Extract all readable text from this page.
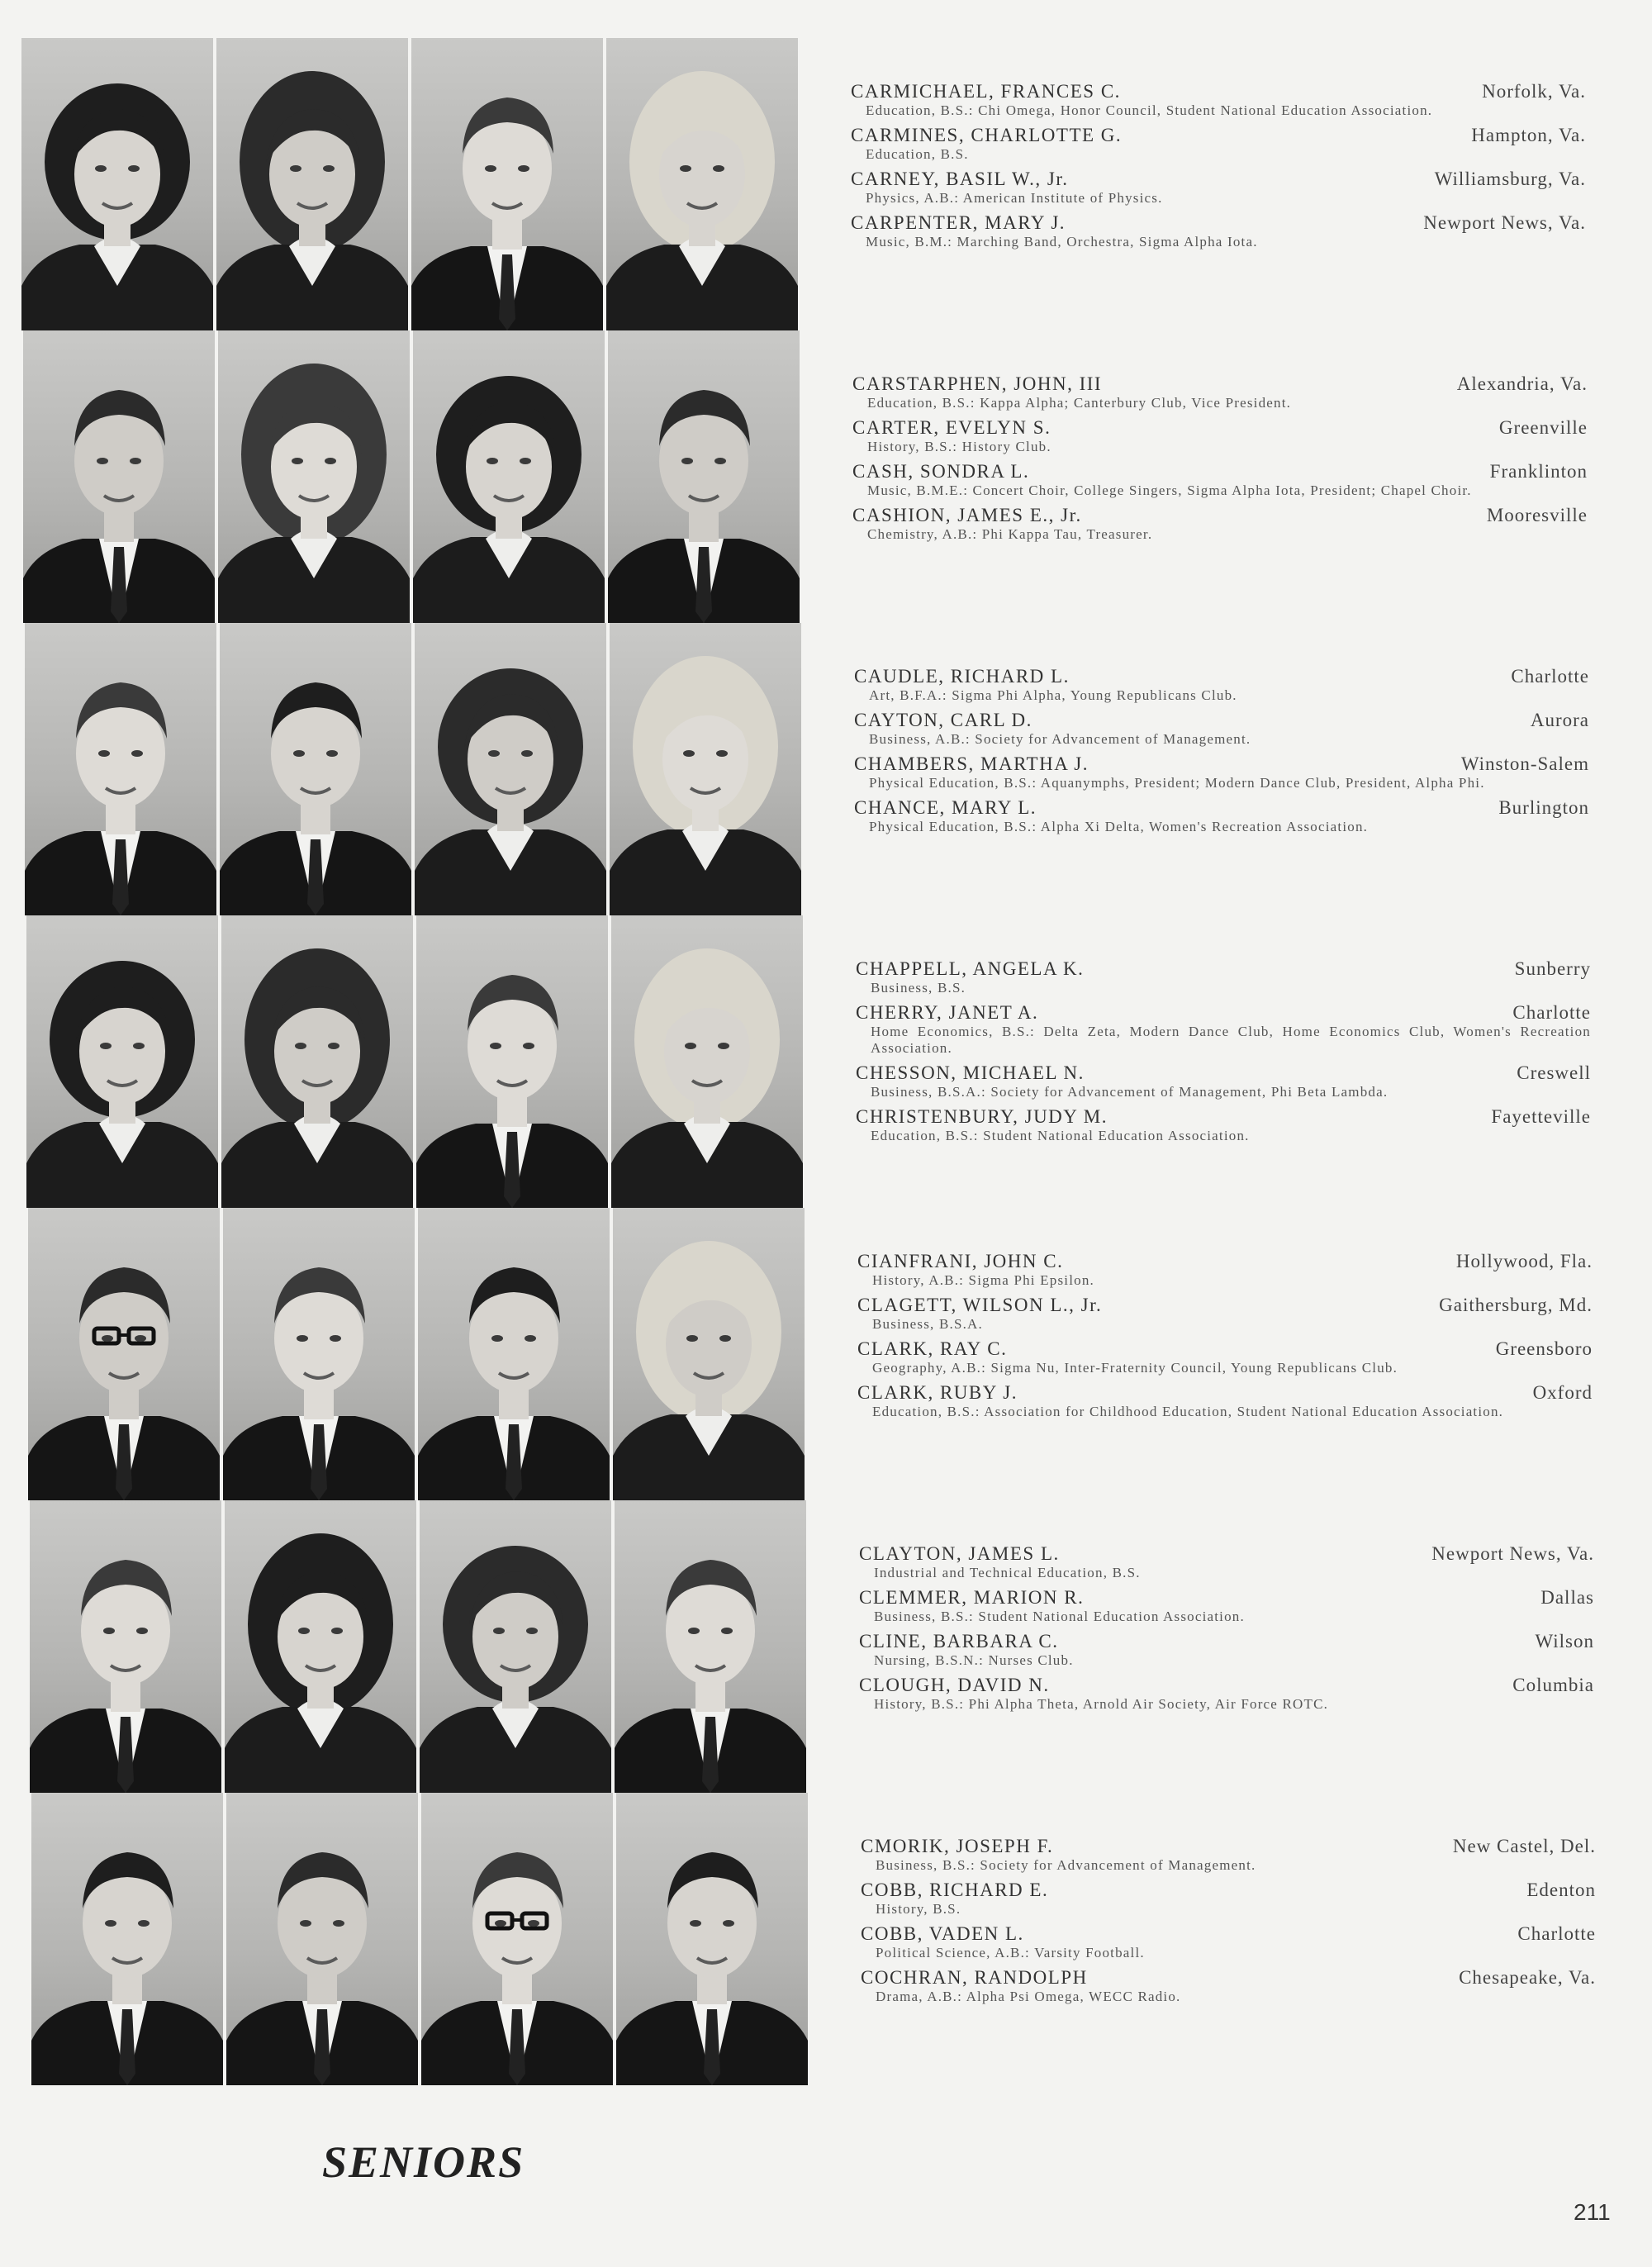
CARMICHAEL, FRANCES C.	Norfolk, Va.
Education, B.S.: Chi Omega, Honor Council, Student National Education Association.
CARMINES, CHARLOTTE G.	Hampton, Va.
Education, B.S.
CARNEY, BASIL W., Jr.	Williamsburg, Va.
Physics, A.B.: American Institute of Physics.
CARPENTER, MARY J.	Newport News, Va.
Music, B.M.: Marching Band, Orchestra, Sigma Alpha Iota.
CARSTARPHEN, JOHN, III	Alexandria, Va.
Education, B.S.: Kappa Alpha; Canterbury Club, Vice President.
CARTER, EVELYN S.	Greenville
History, B.S.: History Club.
CASH, SONDRA L.	Franklinton
Music, B.M.E.: Concert Choir, College Singers, Sigma Alpha Iota, President; Chapel Choir.
CASHION, JAMES E., Jr.	Mooresville
Chemistry, A.B.: Phi Kappa Tau, Treasurer.
CAUDLE, RICHARD L.	Charlotte
Art, B.F.A.: Sigma Phi Alpha, Young Republicans Club.
CAYTON, CARL D.	Aurora
Business, A.B.: Society for Advancement of Management.
CHAMBERS, MARTHA J.	Winston-Salem
Physical Education, B.S.: Aquanymphs, President; Modern Dance Club, President, Alpha Phi.
CHANCE, MARY L.	Burlington
Physical Education, B.S.: Alpha Xi Delta, Women's Recreation Association.
CHAPPELL, ANGELA K.	Sunberry
Business, B.S.
CHERRY, JANET A.	Charlotte
Home Economics, B.S.: Delta Zeta, Modern Dance Club, Home Economics Club, Women's Recreation Association.
CHESSON, MICHAEL N.	Creswell
Business, B.S.A.: Society for Advancement of Management, Phi Beta Lambda.
CHRISTENBURY, JUDY M.	Fayetteville
Education, B.S.: Student National Education Association.
CIANFRANI, JOHN C.	Hollywood, Fla.
History, A.B.: Sigma Phi Epsilon.
CLAGETT, WILSON L., Jr.	Gaithersburg, Md.
Business, B.S.A.
CLARK, RAY C.	Greensboro
Geography, A.B.: Sigma Nu, Inter-Fraternity Council, Young Republicans Club.
CLARK, RUBY J.	Oxford
Education, B.S.: Association for Childhood Education, Student National Education Association.
CLAYTON, JAMES L.	Newport News, Va.
Industrial and Technical Education, B.S.
CLEMMER, MARION R.	Dallas
Business, B.S.: Student National Education Association.
CLINE, BARBARA C.	Wilson
Nursing, B.S.N.: Nurses Club.
CLOUGH, DAVID N.	Columbia
History, B.S.: Phi Alpha Theta, Arnold Air Society, Air Force ROTC.
CMORIK, JOSEPH F.	New Castel, Del.
Business, B.S.: Society for Advancement of Management.
COBB, RICHARD E.	Edenton
History, B.S.
COBB, VADEN L.	Charlotte
Political Science, A.B.: Varsity Football.
COCHRAN, RANDOLPH	Chesapeake, Va.
Drama, A.B.: Alpha Psi Omega, WECC Radio.
SENIORS
211
